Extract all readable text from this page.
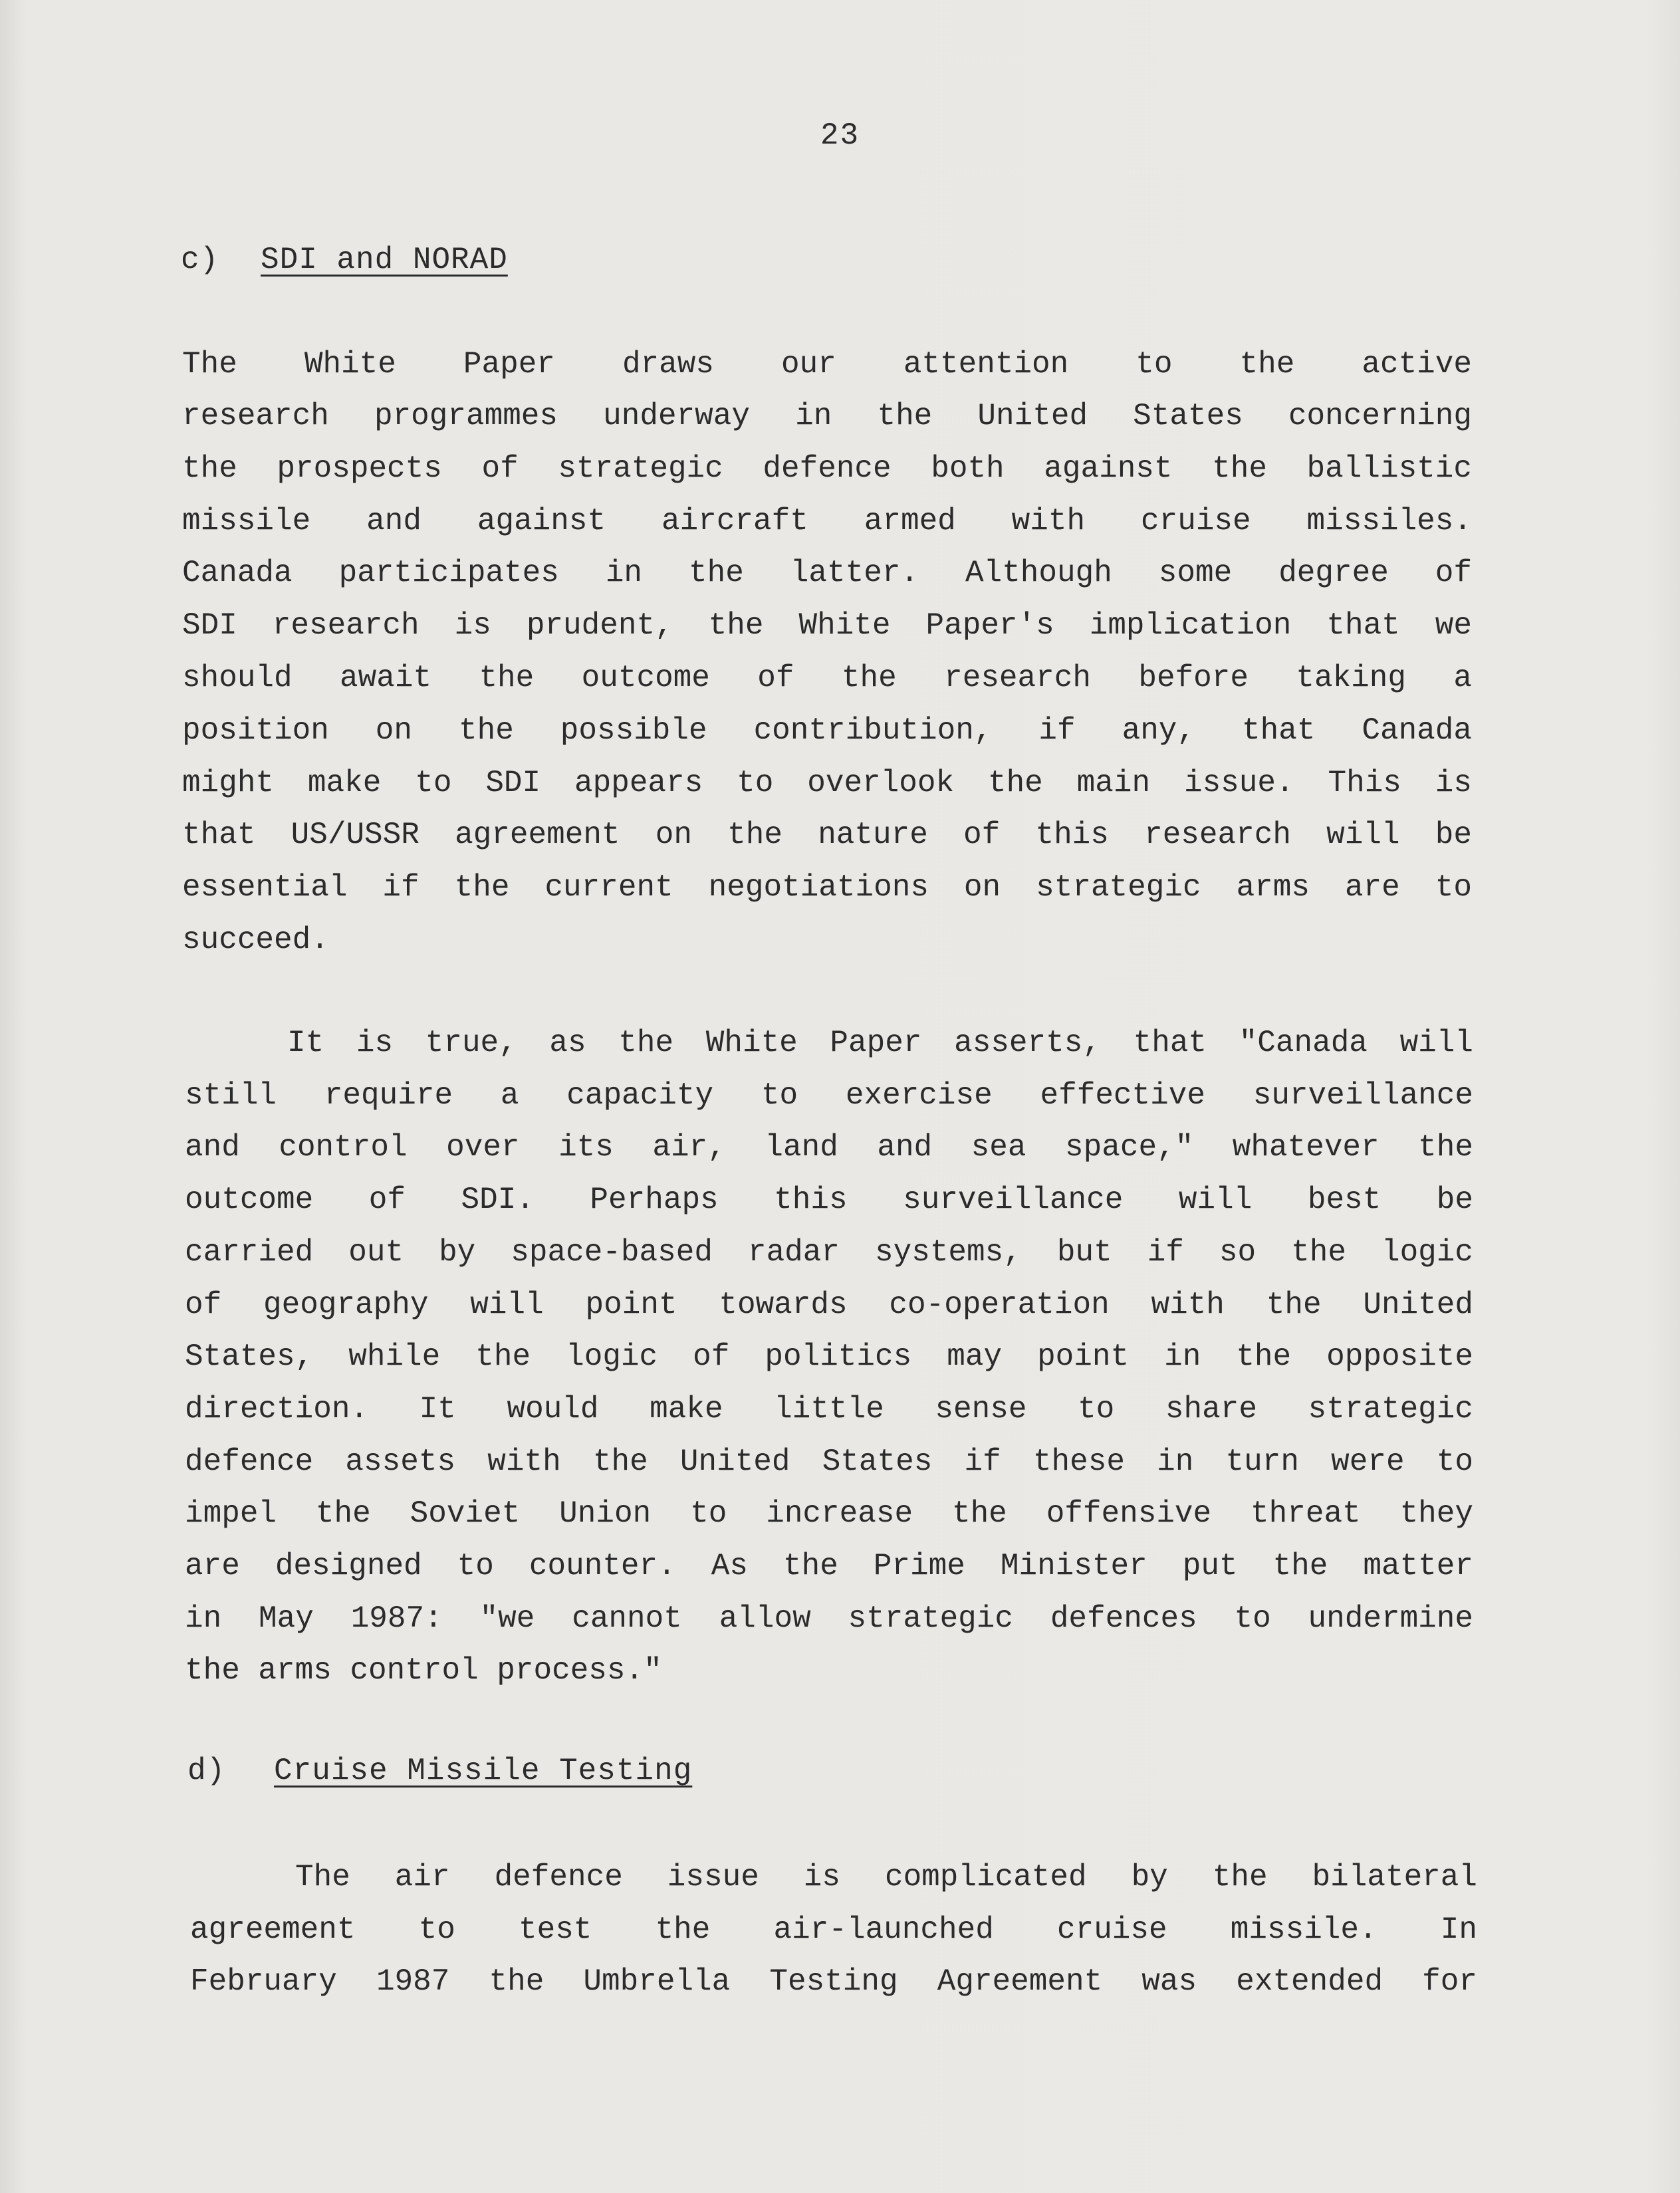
23
c) SDI and NORAD
The White Paper draws our attention to the active
research programmes underway in the United States concerning
the prospects of strategic defence both against the ballistic
missile and against aircraft armed with cruise missiles.
Canada participates in the latter. Although some degree of
SDI research is prudent, the White Paper's implication that we
should await the outcome of the research before taking a
position on the possible contribution, if any, that Canada
might make to SDI appears to overlook the main issue. This is
that US/USSR agreement on the nature of this research will be
essential if the current negotiations on strategic arms are to
succeed.
It is true, as the White Paper asserts, that "Canada will
still require a capacity to exercise effective surveillance
and control over its air, land and sea space," whatever the
outcome of SDI. Perhaps this surveillance will best be
carried out by space-based radar systems, but if so the logic
of geography will point towards co-operation with the United
States, while the logic of politics may point in the opposite
direction. It would make little sense to share strategic
defence assets with the United States if these in turn were to
impel the Soviet Union to increase the offensive threat they
are designed to counter. As the Prime Minister put the matter
in May 1987: "we cannot allow strategic defences to undermine
the arms control process."
d) Cruise Missile Testing
The air defence issue is complicated by the bilateral
agreement to test the air-launched cruise missile. In
February 1987 the Umbrella Testing Agreement was extended for
